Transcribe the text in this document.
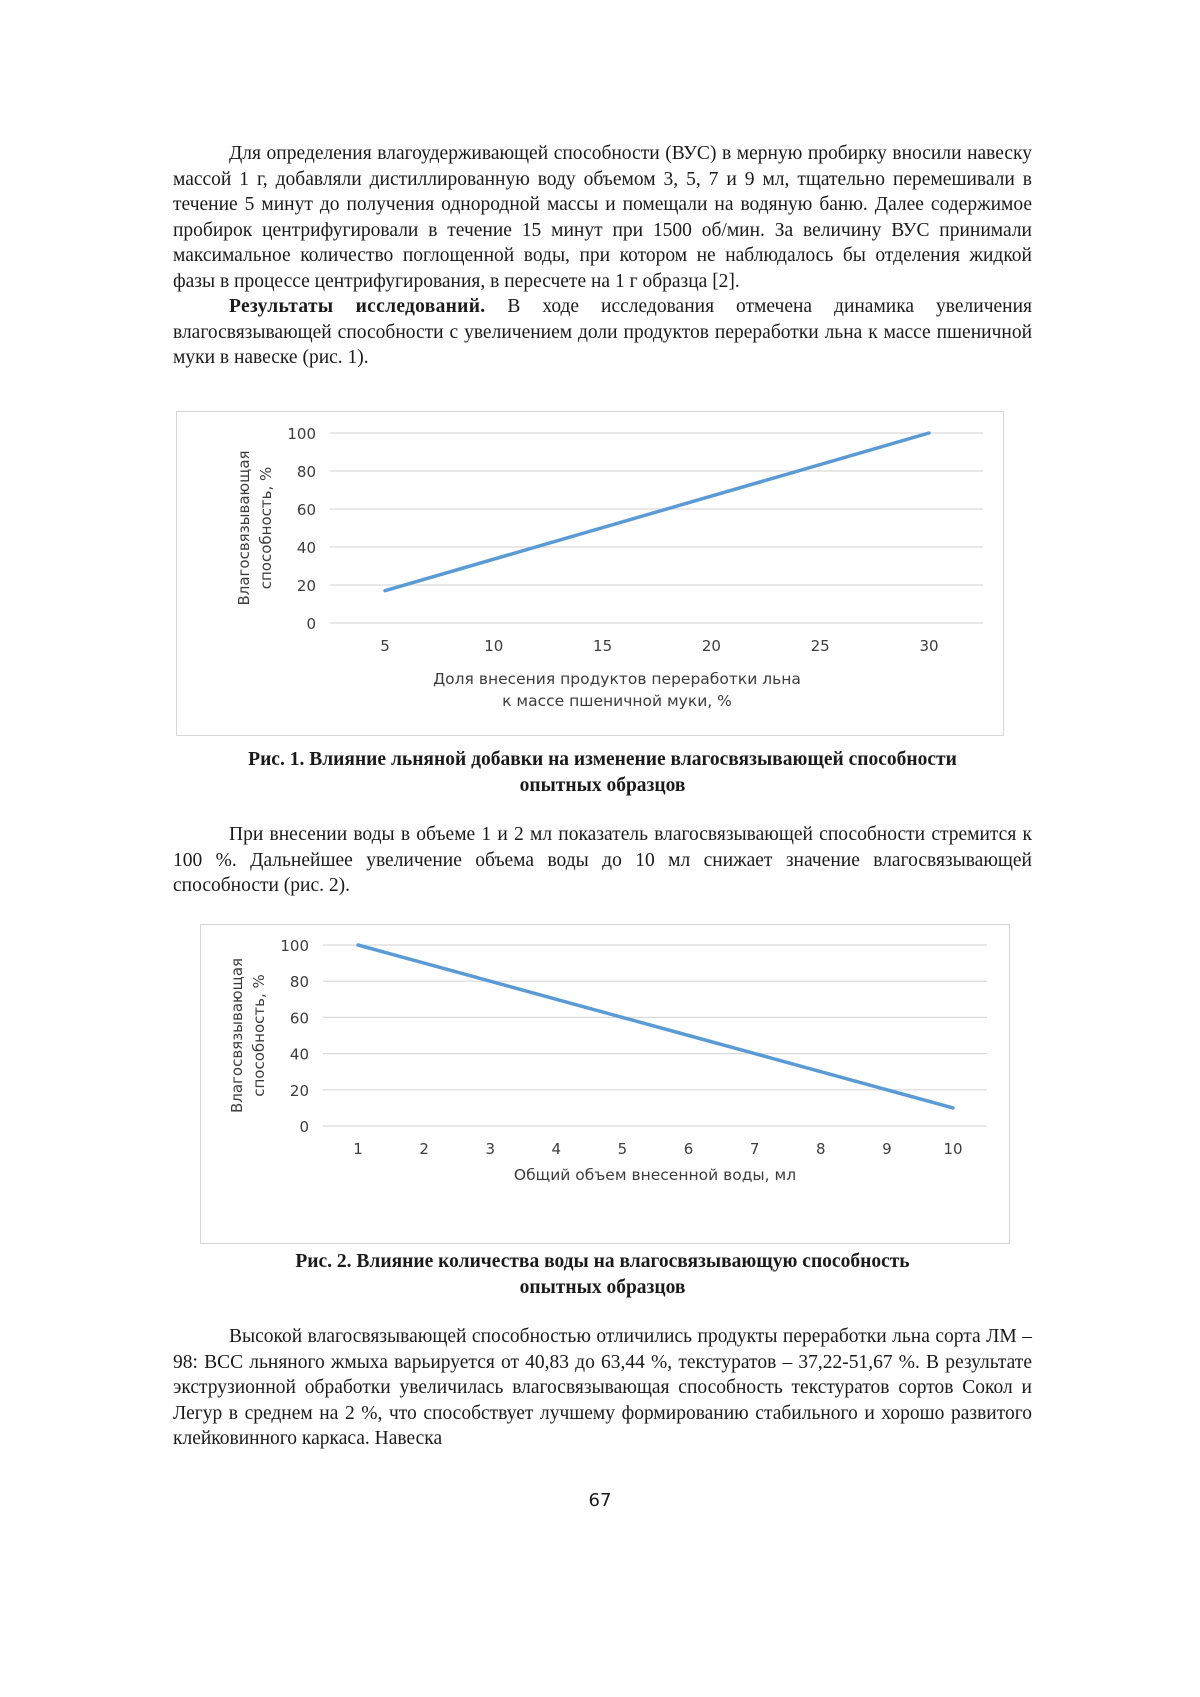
Для определения влагоудерживающей способности (ВУС) в мерную пробирку вносили навеску массой 1 г, добавляли дистиллированную воду объемом 3, 5, 7 и 9 мл, тщательно перемешивали в течение 5 минут до получения однородной массы и помещали на водяную баню. Далее содержимое пробирок центрифугировали в течение 15 минут при 1500 об/мин. За величину ВУС принимали максимальное количество поглощенной воды, при котором не наблюдалось бы отделения жидкой фазы в процессе центрифугирования, в пересчете на 1 г образца [2].

Результаты исследований. В ходе исследования отмечена динамика увеличения влагосвязывающей способности с увеличением доли продуктов переработки льна к массе пшеничной муки в навеске (рис. 1).

0
20
40
60
80
100
5	10	15	20	25	30
Влагосвязывающая способность, %
Доля внесения продуктов переработки льна
к массе пшеничной муки, %

Рис. 1. Влияние льняной добавки на изменение влагосвязывающей способности
опытных образцов

При внесении воды в объеме 1 и 2 мл показатель влагосвязывающей способности стремится к 100 %. Дальнейшее увеличение объема воды до 10 мл снижает значение влагосвязывающей способности (рис. 2).

0
20
40
60
80
100
1	2	3	4	5	6	7	8	9	10
Влагосвязывающая способность, %
Общий объем внесенной воды, мл

Рис. 2. Влияние количества воды на влагосвязывающую способность
опытных образцов

Высокой влагосвязывающей способностью отличились продукты переработки льна сорта ЛМ – 98: ВСС льняного жмыха варьируется от 40,83 до 63,44 %, текстуратов – 37,22-51,67 %. В результате экструзионной обработки увеличилась влагосвязывающая способность текстуратов сортов Сокол и Легур в среднем на 2 %, что способствует лучшему формированию стабильного и хорошо развитого клейковинного каркаса. Навеска

67
